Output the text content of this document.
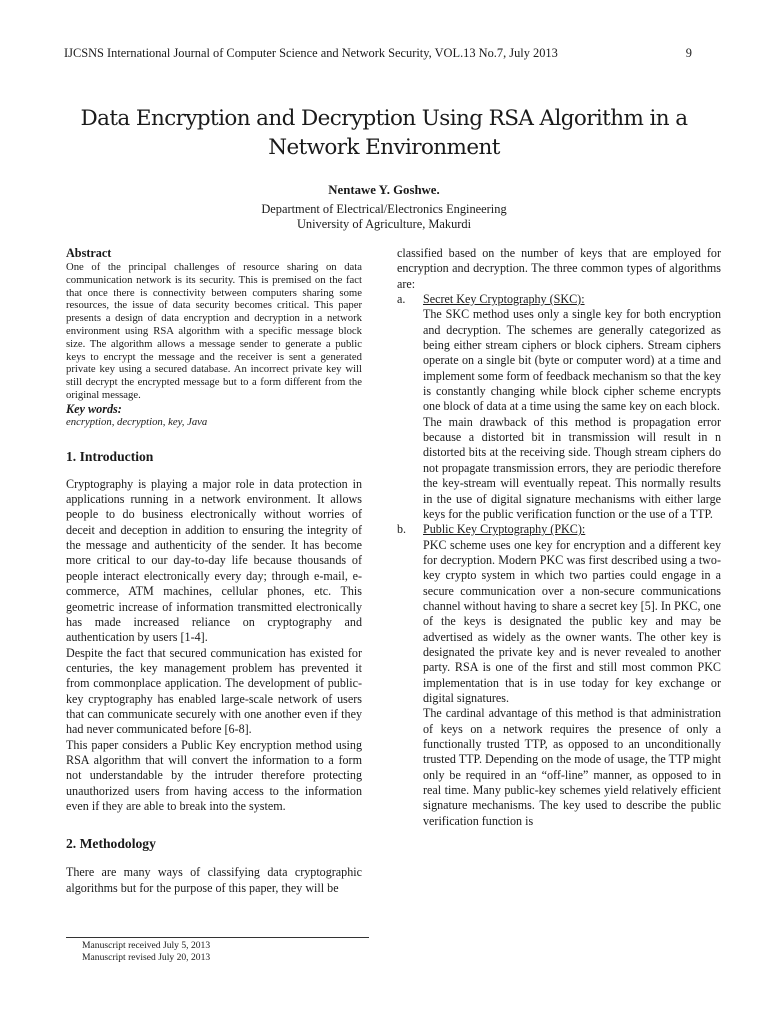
IJCSNS International Journal of Computer Science and Network Security, VOL.13 No.7, July 2013	9
Data Encryption and Decryption Using RSA Algorithm in a
Network Environment
Nentawe Y. Goshwe.
Department of Electrical/Electronics Engineering
University of Agriculture, Makurdi
Abstract
One of the principal challenges of resource sharing on data communication network is its security. This is premised on the fact that once there is connectivity between computers sharing some resources, the issue of data security becomes critical. This paper presents a design of data encryption and decryption in a network environment using RSA algorithm with a specific message block size. The algorithm allows a message sender to generate a public keys to encrypt the message and the receiver is sent a generated private key using a secured database. An incorrect private key will still decrypt the encrypted message but to a form different from the original message.
Key words:
encryption, decryption, key, Java
1. Introduction

Cryptography is playing a major role in data protection in applications running in a network environment. It allows people to do business electronically without worries of deceit and deception in addition to ensuring the integrity of the message and authenticity of the sender. It has become more critical to our day-to-day life because thousands of people interact electronically every day; through e-mail, e-commerce, ATM machines, cellular phones, etc. This geometric increase of information transmitted electronically has made increased reliance on cryptography and authentication by users [1-4].

Despite the fact that secured communication has existed for centuries, the key management problem has prevented it from commonplace application. The development of public-key cryptography has enabled large-scale network of users that can communicate securely with one another even if they had never communicated before [6-8].

This paper considers a Public Key encryption method using RSA algorithm that will convert the information to a form not understandable by the intruder therefore protecting unauthorized users from having access to the information even if they are able to break into the system.

2. Methodology

There are many ways of classifying data cryptographic algorithms but for the purpose of this paper, they will be

classified based on the number of keys that are employed for encryption and decryption. The three common types of algorithms are:

a.	Secret Key Cryptography (SKC):

The SKC method uses only a single key for both encryption and decryption. The schemes are generally categorized as being either stream ciphers or block ciphers. Stream ciphers operate on a single bit (byte or computer word) at a time and implement some form of feedback mechanism so that the key is constantly changing while block cipher scheme encrypts one block of data at a time using the same key on each block.

The main drawback of this method is propagation error because a distorted bit in transmission will result in n distorted bits at the receiving side. Though stream ciphers do not propagate transmission errors, they are periodic therefore the key-stream will eventually repeat. This normally results in the use of digital signature mechanisms with either large keys for the public verification function or the use of a TTP.

b.	Public Key Cryptography (PKC):

PKC scheme uses one key for encryption and a different key for decryption. Modern PKC was first described using a two-key crypto system in which two parties could engage in a secure communication over a non-secure communications channel without having to share a secret key [5]. In PKC, one of the keys is designated the public key and may be advertised as widely as the owner wants. The other key is designated the private key and is never revealed to another party. RSA is one of the first and still most common PKC implementation that is in use today for key exchange or digital signatures.

The cardinal advantage of this method is that administration of keys on a network requires the presence of only a functionally trusted TTP, as opposed to an unconditionally trusted TTP. Depending on the mode of usage, the TTP might only be required in an “off-line” manner, as opposed to in real time. Many public-key schemes yield relatively efficient signature mechanisms. The key used to describe the public verification function is

Manuscript received July 5, 2013
Manuscript revised July 20, 2013
